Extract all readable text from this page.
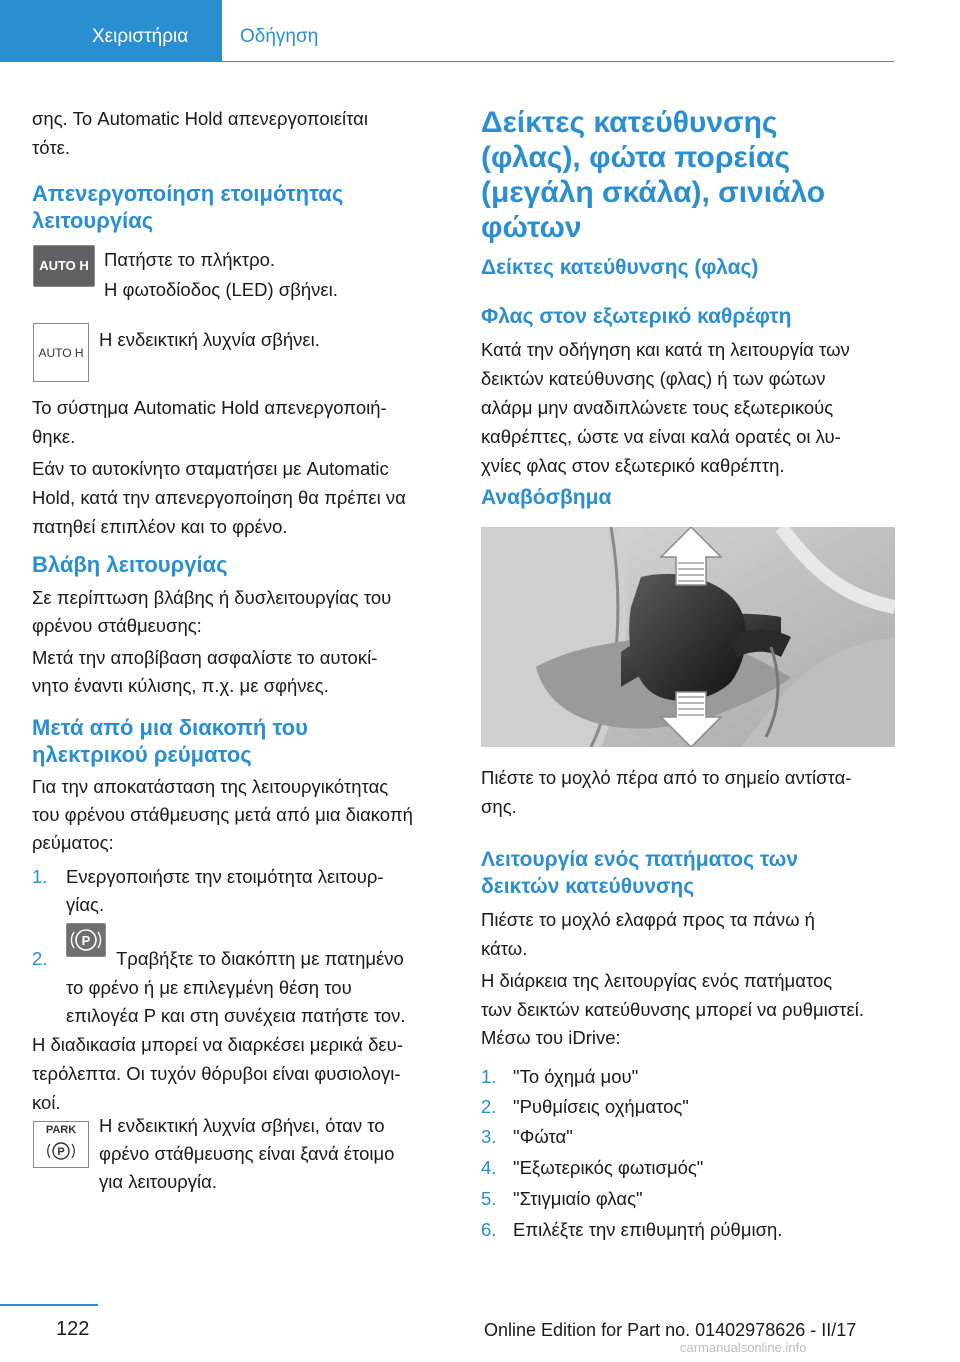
Χειριστήρια	Οδήγηση
σης. Το Automatic Hold απενεργοποιείται
τότε.
Απενεργοποίηση ετοιμότητας
λειτουργίας
AUTO H Πατήστε το πλήκτρο.
Η φωτοδίοδος (LED) σβήνει.
AUTO H
Η ενδεικτική λυχνία σβήνει.
Το σύστημα Automatic Hold απενεργοποιή‐
θηκε.
Εάν το αυτοκίνητο σταματήσει με Automatic
Hold, κατά την απενεργοποίηση θα πρέπει να
πατηθεί επιπλέον και το φρένο.
Βλάβη λειτουργίας
Σε περίπτωση βλάβης ή δυσλειτουργίας του
φρένου στάθμευσης:
Μετά την αποβίβαση ασφαλίστε το αυτοκί‐
νητο έναντι κύλισης, π.χ. με σφήνες.
Μετά από μια διακοπή του
ηλεκτρικού ρεύματος
Για την αποκατάσταση της λειτουργικότητας
του φρένου στάθμευσης μετά από μια διακοπή
ρεύματος:
1. Ενεργοποιήστε την ετοιμότητα λειτουρ‐
γίας.
2.
P
Τραβήξτε το διακόπτη με πατημένο
το φρένο ή με επιλεγμένη θέση του
επιλογέα P και στη συνέχεια πατήστε τον.
Η διαδικασία μπορεί να διαρκέσει μερικά δευ‐
τερόλεπτα. Οι τυχόν θόρυβοι είναι φυσιολογι‐
κοί.
PARK
P
Η ενδεικτική λυχνία σβήνει, όταν το
φρένο στάθμευσης είναι ξανά έτοιμο
για λειτουργία.
Δείκτες κατεύθυνσης
(φλας), φώτα πορείας
(μεγάλη σκάλα), σινιάλο
φώτων
Δείκτες κατεύθυνσης (φλας)
Φλας στον εξωτερικό καθρέφτη
Κατά την οδήγηση και κατά τη λειτουργία των
δεικτών κατεύθυνσης (φλας) ή των φώτων
αλάρμ μην αναδιπλώνετε τους εξωτερικούς
καθρέπτες, ώστε να είναι καλά ορατές οι λυ‐
χνίες φλας στον εξωτερικό καθρέπτη.
Αναβόσβημα
Πιέστε το μοχλό πέρα από το σημείο αντίστα‐
σης.
Λειτουργία ενός πατήματος των
δεικτών κατεύθυνσης
Πιέστε το μοχλό ελαφρά προς τα πάνω ή
κάτω.
Η διάρκεια της λειτουργίας ενός πατήματος
των δεικτών κατεύθυνσης μπορεί να ρυθμιστεί.
Μέσω του iDrive:
1. "Το όχημά μου"
2. "Ρυθμίσεις οχήματος"
3. "Φώτα"
4. "Εξωτερικός φωτισμός"
5. "Στιγμιαίο φλας"
6. Επιλέξτε την επιθυμητή ρύθμιση.
122	Online Edition for Part no. 01402978626 - II/17
carmanualsonline.info
